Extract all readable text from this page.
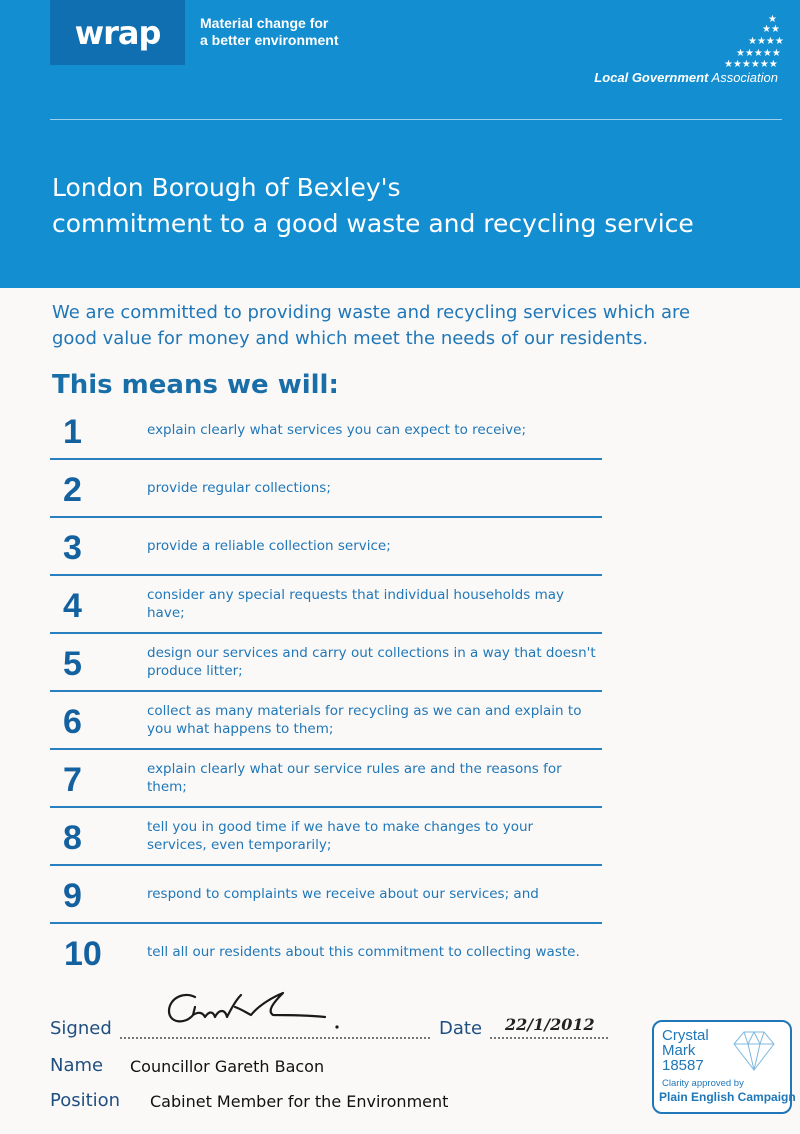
wrap	Material change for
a better environment
★
★★
★★★★
★★★★★
★★★★★★
Local Government Association
London Borough of Bexley's
commitment to a good waste and recycling service
We are committed to providing waste and recycling services which are
good value for money and which meet the needs of our residents.
This means we will:
1	explain clearly what services you can expect to receive;
2	provide regular collections;
3	provide a reliable collection service;
4	consider any special requests that individual households may have;
5	design our services and carry out collections in a way that doesn't produce litter;
6	collect as many materials for recycling as we can and explain to you what happens to them;
7	explain clearly what our service rules are and the reasons for them;
8	tell you in good time if we have to make changes to your services, even temporarily;
9	respond to complaints we receive about our services; and
10	tell all our residents about this commitment to collecting waste.
Signed	Date 22/1/2012
Name Councillor Gareth Bacon
Position Cabinet Member for the Environment
Crystal
Mark
18587
Clarity approved by
Plain English Campaign
